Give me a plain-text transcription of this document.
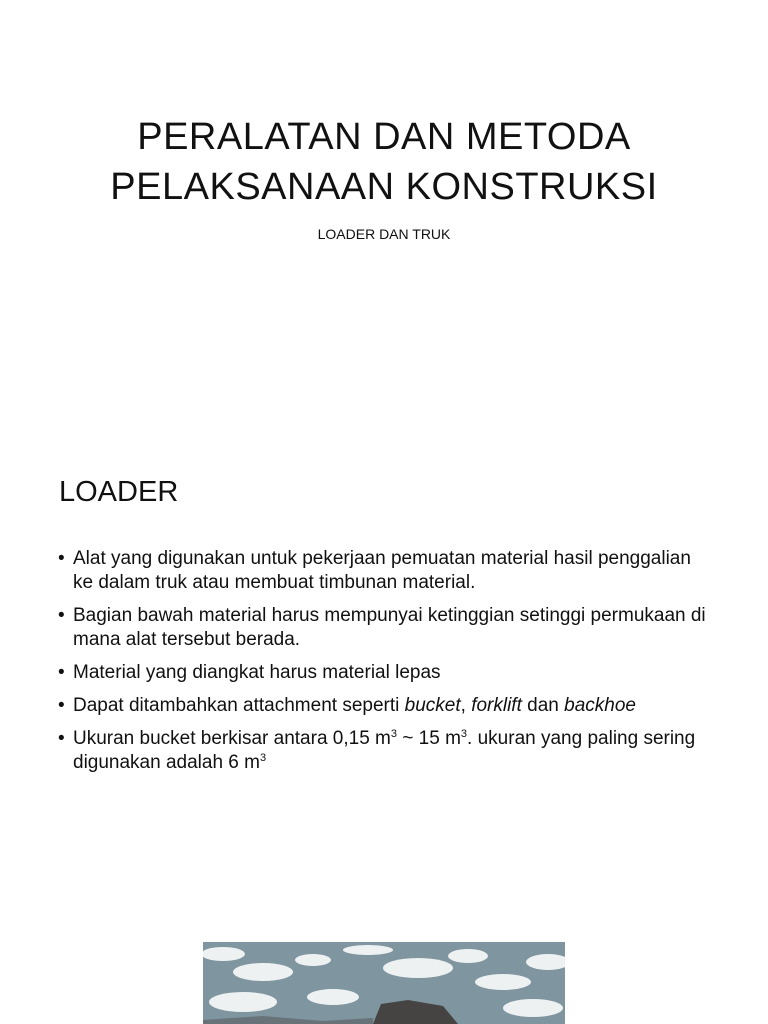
PERALATAN DAN METODA
PELAKSANAAN KONSTRUKSI
LOADER DAN TRUK
LOADER
• Alat yang digunakan untuk pekerjaan pemuatan material hasil penggalian ke dalam truk atau membuat timbunan material.
• Bagian bawah material harus mempunyai ketinggian setinggi permukaan di mana alat tersebut berada.
• Material yang diangkat harus material lepas
• Dapat ditambahkan attachment seperti bucket, forklift dan backhoe
• Ukuran bucket berkisar antara 0,15 $m^3$ ~ 15 $m^3$. ukuran yang paling sering digunakan adalah 6 $m^3$
